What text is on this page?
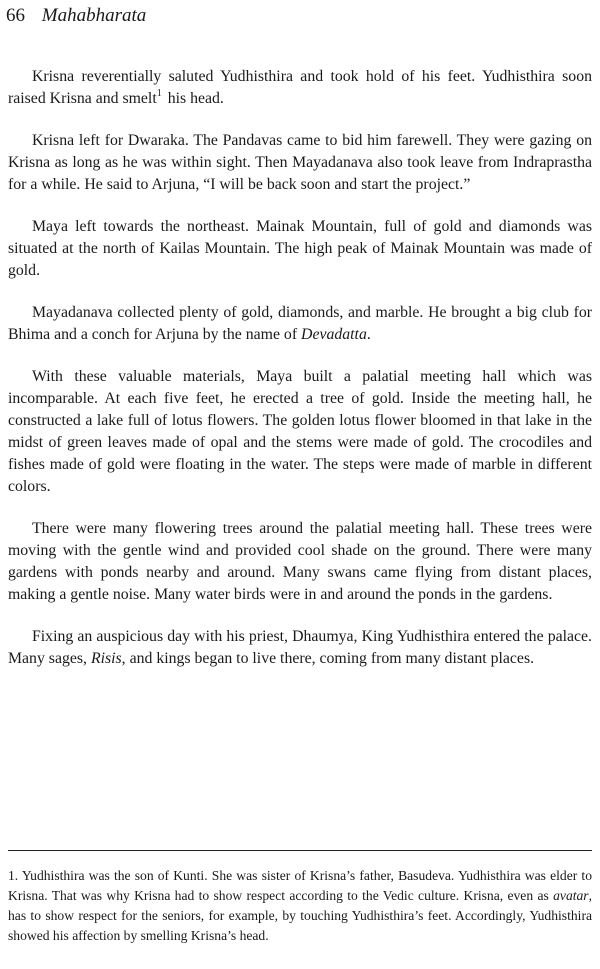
66 Mahabharata

Krisna reverentially saluted Yudhisthira and took hold of his feet. Yudhisthira soon raised Krisna and smelt$^1$ his head.

Krisna left for Dwaraka. The Pandavas came to bid him farewell. They were gazing on Krisna as long as he was within sight. Then Mayadanava also took leave from Indraprastha for a while. He said to Arjuna, “I will be back soon and start the project.”

Maya left towards the northeast. Mainak Mountain, full of gold and diamonds was situated at the north of Kailas Mountain. The high peak of Mainak Mountain was made of gold.

Mayadanava collected plenty of gold, diamonds, and marble. He brought a big club for Bhima and a conch for Arjuna by the name of Devadatta.

With these valuable materials, Maya built a palatial meeting hall which was incomparable. At each five feet, he erected a tree of gold. Inside the meeting hall, he constructed a lake full of lotus flowers. The golden lotus flower bloomed in that lake in the midst of green leaves made of opal and the stems were made of gold. The crocodiles and fishes made of gold were floating in the water. The steps were made of marble in different colors.

There were many flowering trees around the palatial meeting hall. These trees were moving with the gentle wind and provided cool shade on the ground. There were many gardens with ponds nearby and around. Many swans came flying from distant places, making a gentle noise. Many water birds were in and around the ponds in the gardens.

Fixing an auspicious day with his priest, Dhaumya, King Yudhisthira entered the palace. Many sages, Risis, and kings began to live there, coming from many distant places.

1. Yudhisthira was the son of Kunti. She was sister of Krisna’s father, Basudeva. Yudhisthira was elder to Krisna. That was why Krisna had to show respect according to the Vedic culture. Krisna, even as avatar, has to show respect for the seniors, for example, by touching Yudhisthira’s feet. Accordingly, Yudhisthira showed his affection by smelling Krisna’s head.
